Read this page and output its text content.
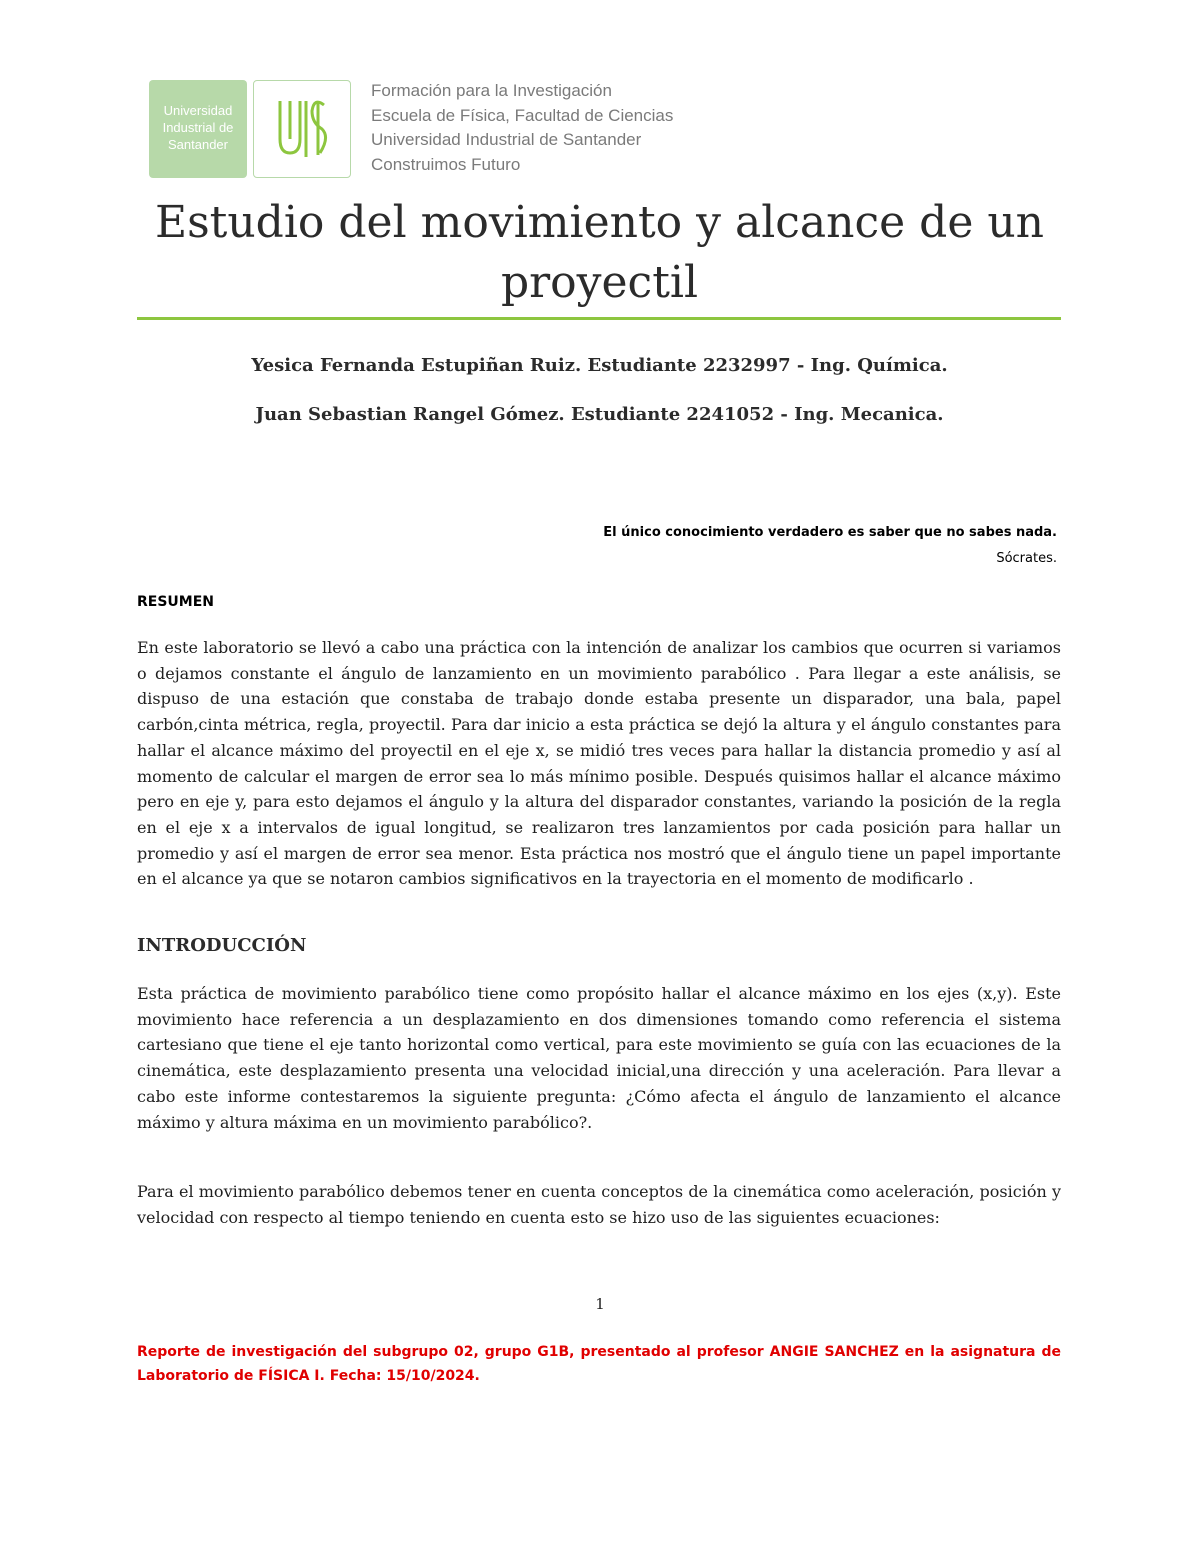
Universidad
Industrial de
Santander
Formación para la Investigación
Escuela de Física, Facultad de Ciencias
Universidad Industrial de Santander
Construimos Futuro
Estudio del movimiento y alcance de un proyectil
Yesica Fernanda Estupiñan Ruiz. Estudiante 2232997 - Ing. Química.
Juan Sebastian Rangel Gómez. Estudiante 2241052 - Ing. Mecanica.
El único conocimiento verdadero es saber que no sabes nada.
Sócrates.
RESUMEN
En este laboratorio se llevó a cabo una práctica con la intención de analizar los cambios que ocurren si variamos o dejamos constante el ángulo de lanzamiento en un movimiento parabólico . Para llegar a este análisis, se dispuso de una estación que constaba de trabajo donde estaba presente un disparador, una bala, papel carbón,cinta métrica, regla, proyectil. Para dar inicio a esta práctica se dejó la altura y el ángulo constantes para hallar el alcance máximo del proyectil en el eje x, se midió tres veces para hallar la distancia promedio y así al momento de calcular el margen de error sea lo más mínimo posible. Después quisimos hallar el alcance máximo pero en eje y, para esto dejamos el ángulo y la altura del disparador constantes, variando la posición de la regla en el eje x a intervalos de igual longitud, se realizaron tres lanzamientos por cada posición para hallar un promedio y así el margen de error sea menor. Esta práctica nos mostró que el ángulo tiene un papel importante en el alcance ya que se notaron cambios significativos en la trayectoria en el momento de modificarlo .
INTRODUCCIÓN
Esta práctica de movimiento parabólico tiene como propósito hallar el alcance máximo en los ejes (x,y). Este movimiento hace referencia a un desplazamiento en dos dimensiones tomando como referencia el sistema cartesiano que tiene el eje tanto horizontal como vertical, para este movimiento se guía con las ecuaciones de la cinemática, este desplazamiento presenta una velocidad inicial,una dirección y una aceleración. Para llevar a cabo este informe contestaremos la siguiente pregunta: ¿Cómo afecta el ángulo de lanzamiento el alcance máximo y altura máxima en un movimiento parabólico?.
Para el movimiento parabólico debemos tener en cuenta conceptos de la cinemática como aceleración, posición y velocidad con respecto al tiempo teniendo en cuenta esto se hizo uso de las siguientes ecuaciones:
1
Reporte de investigación del subgrupo 02, grupo G1B, presentado al profesor ANGIE SANCHEZ en la asignatura de Laboratorio de FÍSICA I. Fecha: 15/10/2024.
